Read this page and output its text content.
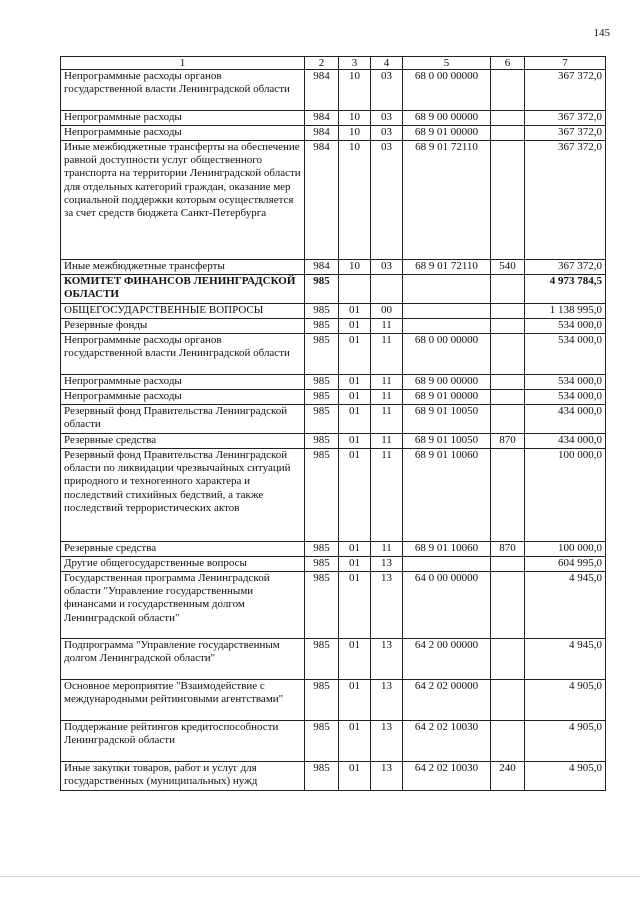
145
1	2	3	4	5	6	7
Непрограммные расходы органов государственной власти Ленинградской области	984	10	03	68 0 00 00000		367 372,0
Непрограммные расходы	984	10	03	68 9 00 00000		367 372,0
Непрограммные расходы	984	10	03	68 9 01 00000		367 372,0
Иные межбюджетные трансферты на обеспечение равной доступности услуг общественного транспорта на территории Ленинградской области для отдельных категорий граждан, оказание мер социальной поддержки которым осуществляется за счет средств бюджета Санкт-Петербурга	984	10	03	68 9 01 72110		367 372,0
Иные межбюджетные трансферты	984	10	03	68 9 01 72110	540	367 372,0
КОМИТЕТ ФИНАНСОВ ЛЕНИНГРАДСКОЙ ОБЛАСТИ	985					4 973 784,5
ОБЩЕГОСУДАРСТВЕННЫЕ ВОПРОСЫ	985	01	00			1 138 995,0
Резервные фонды	985	01	11			534 000,0
Непрограммные расходы органов государственной власти Ленинградской области	985	01	11	68 0 00 00000		534 000,0
Непрограммные расходы	985	01	11	68 9 00 00000		534 000,0
Непрограммные расходы	985	01	11	68 9 01 00000		534 000,0
Резервный фонд Правительства Ленинградской области	985	01	11	68 9 01 10050		434 000,0
Резервные средства	985	01	11	68 9 01 10050	870	434 000,0
Резервный фонд Правительства Ленинградской области по ликвидации чрезвычайных ситуаций природного и техногенного характера и последствий стихийных бедствий, а также последствий террористических актов	985	01	11	68 9 01 10060		100 000,0
Резервные средства	985	01	11	68 9 01 10060	870	100 000,0
Другие общегосударственные вопросы	985	01	13			604 995,0
Государственная программа Ленинградской области "Управление государственными финансами и государственным долгом Ленинградской области"	985	01	13	64 0 00 00000		4 945,0
Подпрограмма "Управление государственным долгом Ленинградской области"	985	01	13	64 2 00 00000		4 945,0
Основное мероприятие "Взаимодействие с международными рейтинговыми агентствами"	985	01	13	64 2 02 00000		4 905,0
Поддержание рейтингов кредитоспособности Ленинградской области	985	01	13	64 2 02 10030		4 905,0
Иные закупки товаров, работ и услуг для государственных (муниципальных) нужд	985	01	13	64 2 02 10030	240	4 905,0
